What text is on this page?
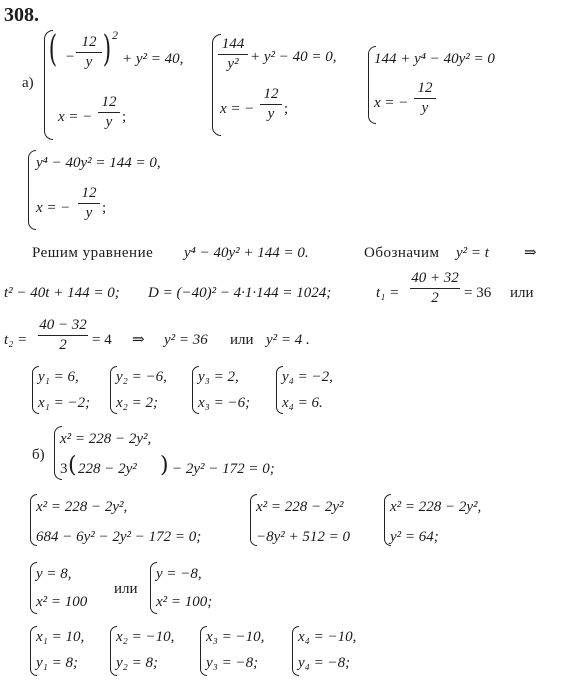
308.
а)
( −
12
y ) 2
+ y² = 40,
x = −
12
y ;
144
y² + y² − 40 = 0,
x = −
12
y ;
144 + y⁴ − 40y² = 0
x = −
12
y
y⁴ − 40y² = 144 = 0,
x = −
12
y ;
Решим уравнение y⁴ − 40y² + 144 = 0.	Обозначим y² = t ⇒
t² − 40t + 144 = 0; D = (−40)² − 4·1·144 = 1024;	t₁ =
40 + 32
2	= 36 или
t₂ =
40 − 32
2	= 4 ⇒ y² = 36 или y² = 4 .
y₁ = 6,
x₁ = −2;
y₂ = −6,
x₂ = 2;
y₃ = 2,
x₃ = −6;
y₄ = −2,
x₄ = 6.
б)
x² = 228 − 2y²,
3 ( 228 − 2y² ) − 2y² − 172 = 0;
x² = 228 − 2y²,
684 − 6y² − 2y² − 172 = 0;
x² = 228 − 2y²
−8y² + 512 = 0
x² = 228 − 2y²,
y² = 64;
y = 8,
x² = 100
или
y = −8,
x² = 100;
x₁ = 10,
y₁ = 8;
x₂ = −10,
y₂ = 8;
x₃ = −10,
y₃ = −8;
x₄ = −10,
y₄ = −8;
